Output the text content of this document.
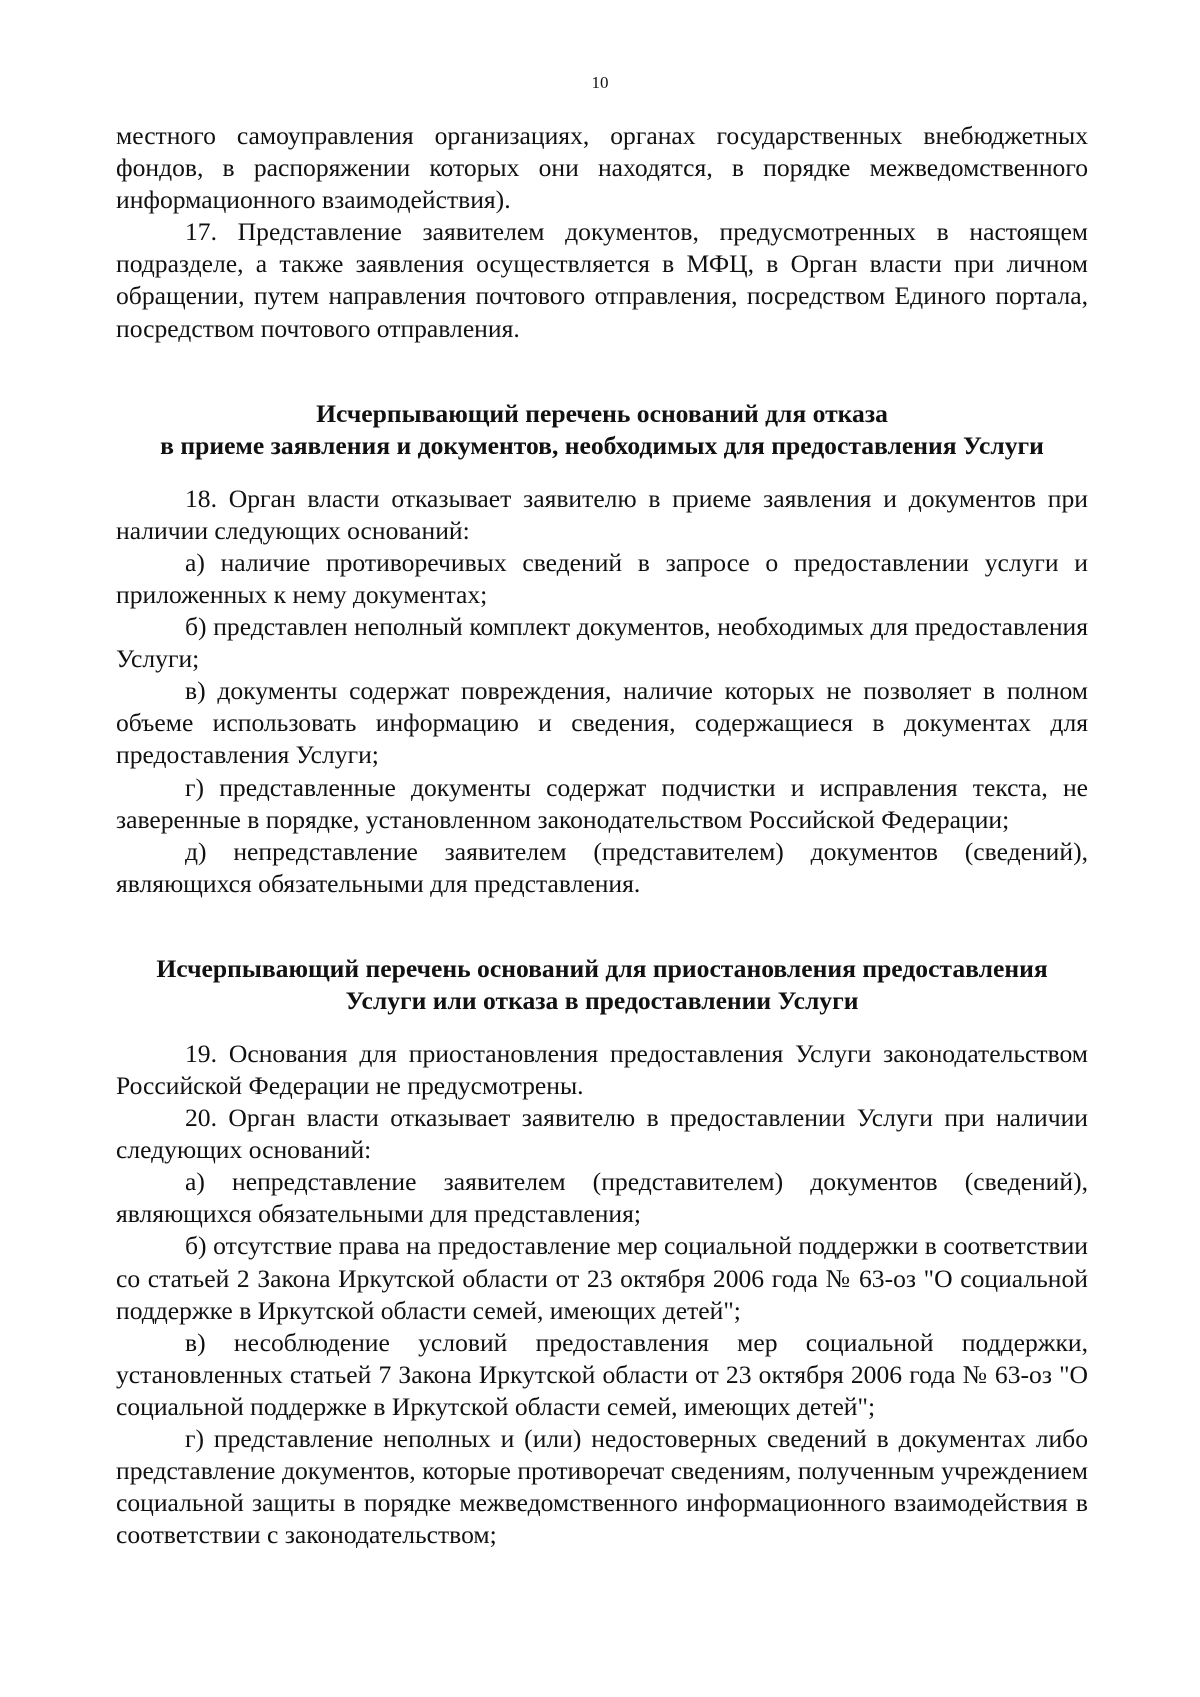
10

местного самоуправления организациях, органах государственных внебюджетных фондов, в распоряжении которых они находятся, в порядке межведомственного информационного взаимодействия).

17. Представление заявителем документов, предусмотренных в настоящем подразделе, а также заявления осуществляется в МФЦ, в Орган власти при личном обращении, путем направления почтового отправления, посредством Единого портала, посредством почтового отправления.

Исчерпывающий перечень оснований для отказа
в приеме заявления и документов, необходимых для предоставления Услуги

18. Орган власти отказывает заявителю в приеме заявления и документов при наличии следующих оснований:

а) наличие противоречивых сведений в запросе о предоставлении услуги и приложенных к нему документах;

б) представлен неполный комплект документов, необходимых для предоставления Услуги;

в) документы содержат повреждения, наличие которых не позволяет в полном объеме использовать информацию и сведения, содержащиеся в документах для предоставления Услуги;

г) представленные документы содержат подчистки и исправления текста, не заверенные в порядке, установленном законодательством Российской Федерации;

д) непредставление заявителем (представителем) документов (сведений), являющихся обязательными для представления.

Исчерпывающий перечень оснований для приостановления предоставления
Услуги или отказа в предоставлении Услуги

19. Основания для приостановления предоставления Услуги законодательством Российской Федерации не предусмотрены.

20. Орган власти отказывает заявителю в предоставлении Услуги при наличии следующих оснований:

а) непредставление заявителем (представителем) документов (сведений), являющихся обязательными для представления;

б) отсутствие права на предоставление мер социальной поддержки в соответствии со статьей 2 Закона Иркутской области от 23 октября 2006 года № 63-оз "О социальной поддержке в Иркутской области семей, имеющих детей";

в) несоблюдение условий предоставления мер социальной поддержки, установленных статьей 7 Закона Иркутской области от 23 октября 2006 года № 63-оз "О социальной поддержке в Иркутской области семей, имеющих детей";

г) представление неполных и (или) недостоверных сведений в документах либо представление документов, которые противоречат сведениям, полученным учреждением социальной защиты в порядке межведомственного информационного взаимодействия в соответствии с законодательством;
